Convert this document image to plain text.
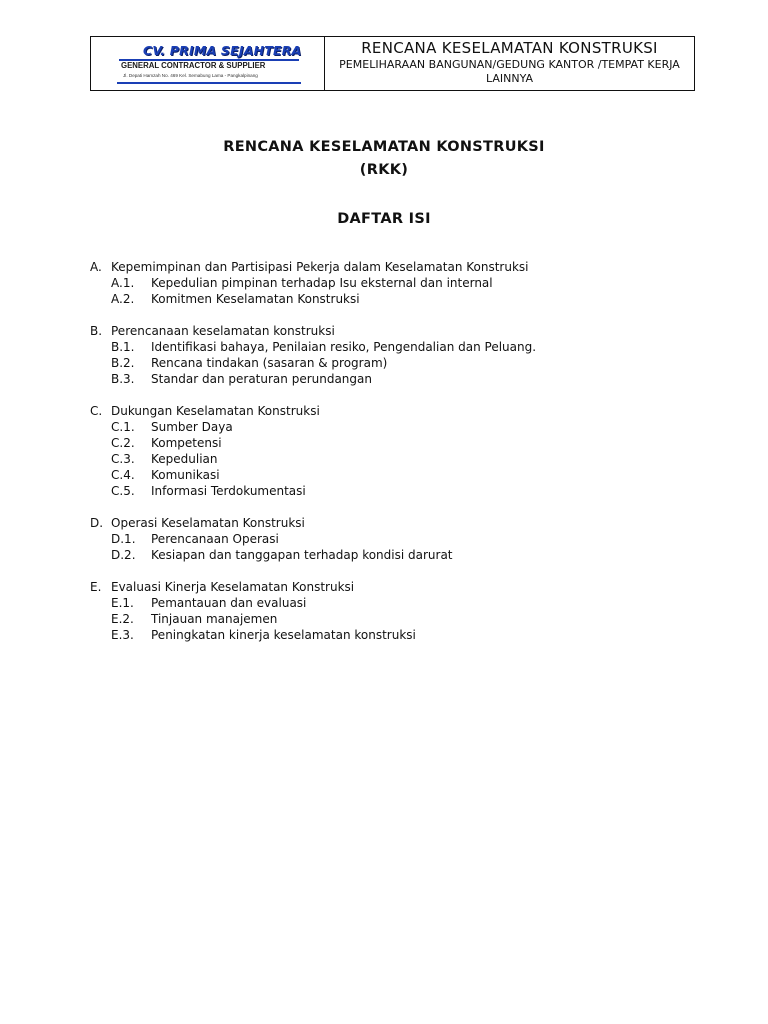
CV. PRIMA SEJAHTERA
GENERAL CONTRACTOR & SUPPLIER
Jl. Depati Hamzah No. 469 Kel. Semabung Lama - Pangkalpinang
RENCANA KESELAMATAN KONSTRUKSI
PEMELIHARAAN BANGUNAN/GEDUNG KANTOR /TEMPAT KERJA LAINNYA
RENCANA KESELAMATAN KONSTRUKSI
(RKK)
DAFTAR ISI
A. Kepemimpinan dan Partisipasi Pekerja dalam Keselamatan Konstruksi
A.1.	Kepedulian pimpinan terhadap Isu eksternal dan internal
A.2.	Komitmen Keselamatan Konstruksi
B. Perencanaan keselamatan konstruksi
B.1.	Identifikasi bahaya, Penilaian resiko, Pengendalian dan Peluang.
B.2.	Rencana tindakan (sasaran & program)
B.3.	Standar dan peraturan perundangan
C. Dukungan Keselamatan Konstruksi
C.1.	Sumber Daya
C.2.	Kompetensi
C.3.	Kepedulian
C.4.	Komunikasi
C.5.	Informasi Terdokumentasi
D. Operasi Keselamatan Konstruksi
D.1.	Perencanaan Operasi
D.2.	Kesiapan dan tanggapan terhadap kondisi darurat
E. Evaluasi Kinerja Keselamatan Konstruksi
E.1.	Pemantauan dan evaluasi
E.2.	Tinjauan manajemen
E.3.	Peningkatan kinerja keselamatan konstruksi
